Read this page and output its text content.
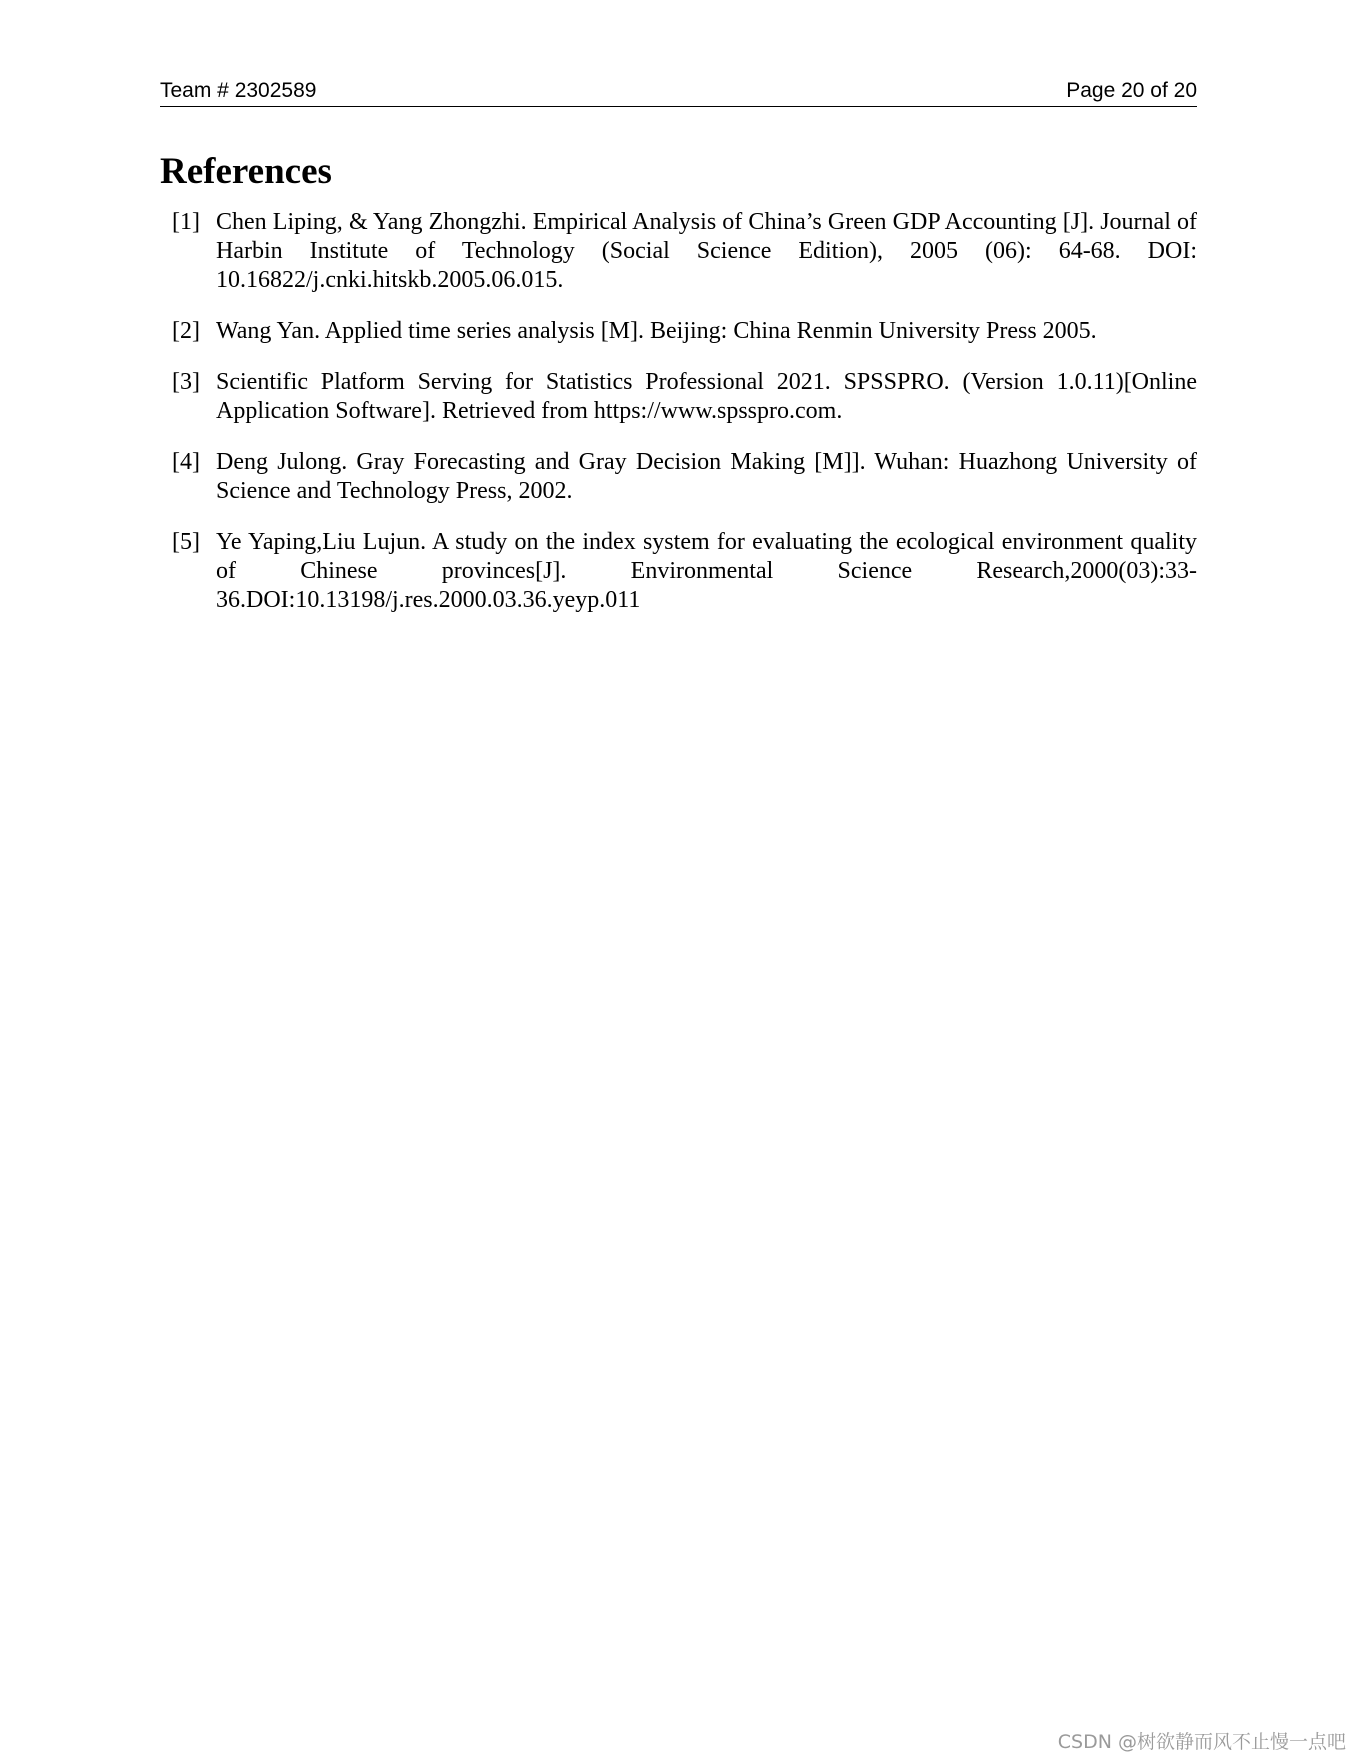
Team # 2302589	Page 20 of 20
References
[1] Chen Liping, & Yang Zhongzhi. Empirical Analysis of China’s Green GDP Accounting [J]. Journal of Harbin Institute of Technology (Social Science Edition), 2005 (06): 64-68. DOI: 10.16822/j.cnki.hitskb.2005.06.015.
[2] Wang Yan. Applied time series analysis [M]. Beijing: China Renmin University Press 2005.
[3] Scientific Platform Serving for Statistics Professional 2021. SPSSPRO. (Version 1.0.11)[Online Application Software]. Retrieved from https://www.spsspro.com.
[4] Deng Julong. Gray Forecasting and Gray Decision Making [M]]. Wuhan: Huazhong University of Science and Technology Press, 2002.
[5] Ye Yaping,Liu Lujun. A study on the index system for evaluating the ecological environment quality of Chinese provinces[J]. Environmental Science Research,2000(03):33-36.DOI:10.13198/j.res.2000.03.36.yeyp.011
CSDN @树欲静而风不止慢一点吧
